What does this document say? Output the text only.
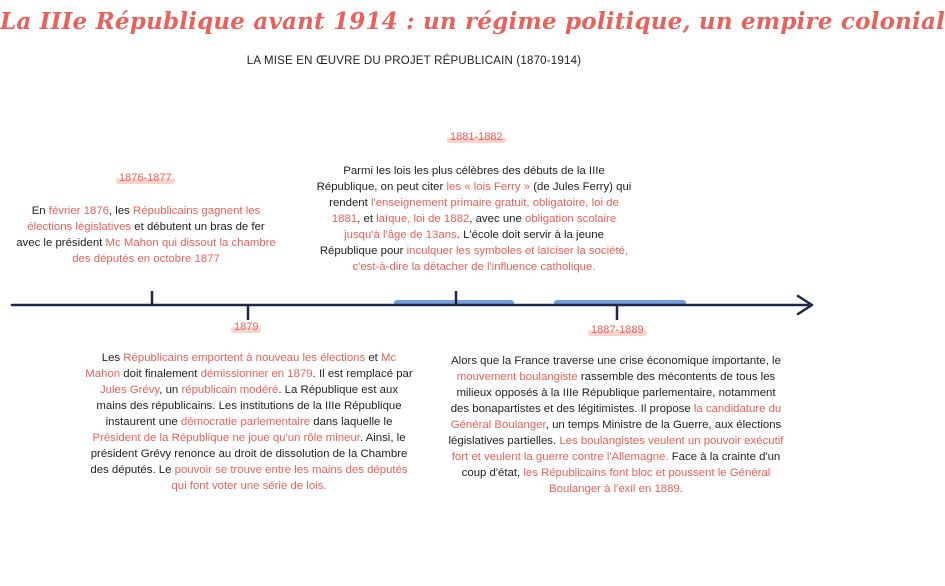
La IIIe République avant 1914 : un régime politique, un empire colonial
LA MISE EN ŒUVRE DU PROJET RÉPUBLICAIN (1870-1914)
1876-1877
En février 1876, les Républicains gagnent les élections législatives et débutent un bras de fer avec le président Mc Mahon qui dissout la chambre des députés en octobre 1877
1881-1882
Parmi les lois les plus célèbres des débuts de la IIIe République, on peut citer les « lois Ferry » (de Jules Ferry) qui rendent l'enseignement primaire gratuit, obligatoire, loi de 1881, et laïque, loi de 1882, avec une obligation scolaire jusqu'à l'âge de 13ans. L'école doit servir à la jeune République pour inculquer les symboles et laïciser la société, c'est-à-dire la détacher de l'influence catholique.
1879
Les Républicains emportent à nouveau les élections et Mc Mahon doit finalement démissionner en 1879. Il est remplacé par Jules Grévy, un républicain modéré. La République est aux mains des républicains. Les institutions de la IIIe République instaurent une démocratie parlementaire dans laquelle le Président de la République ne joue qu'un rôle mineur. Ainsi, le président Grévy renonce au droit de dissolution de la Chambre des députés. Le pouvoir se trouve entre les mains des députés qui font voter une série de lois.
1887-1889
Alors que la France traverse une crise économique importante, le mouvement boulangiste rassemble des mécontents de tous les milieux opposés à la IIIe République parlementaire, notamment des bonapartistes et des légitimistes. Il propose la candidature du Général Boulanger, un temps Ministre de la Guerre, aux élections législatives partielles. Les boulangistes veulent un pouvoir exécutif fort et veulent la guerre contre l'Allemagne. Face à la crainte d'un coup d'état, les Républicains font bloc et poussent le Général Boulanger à l'exil en 1889.
